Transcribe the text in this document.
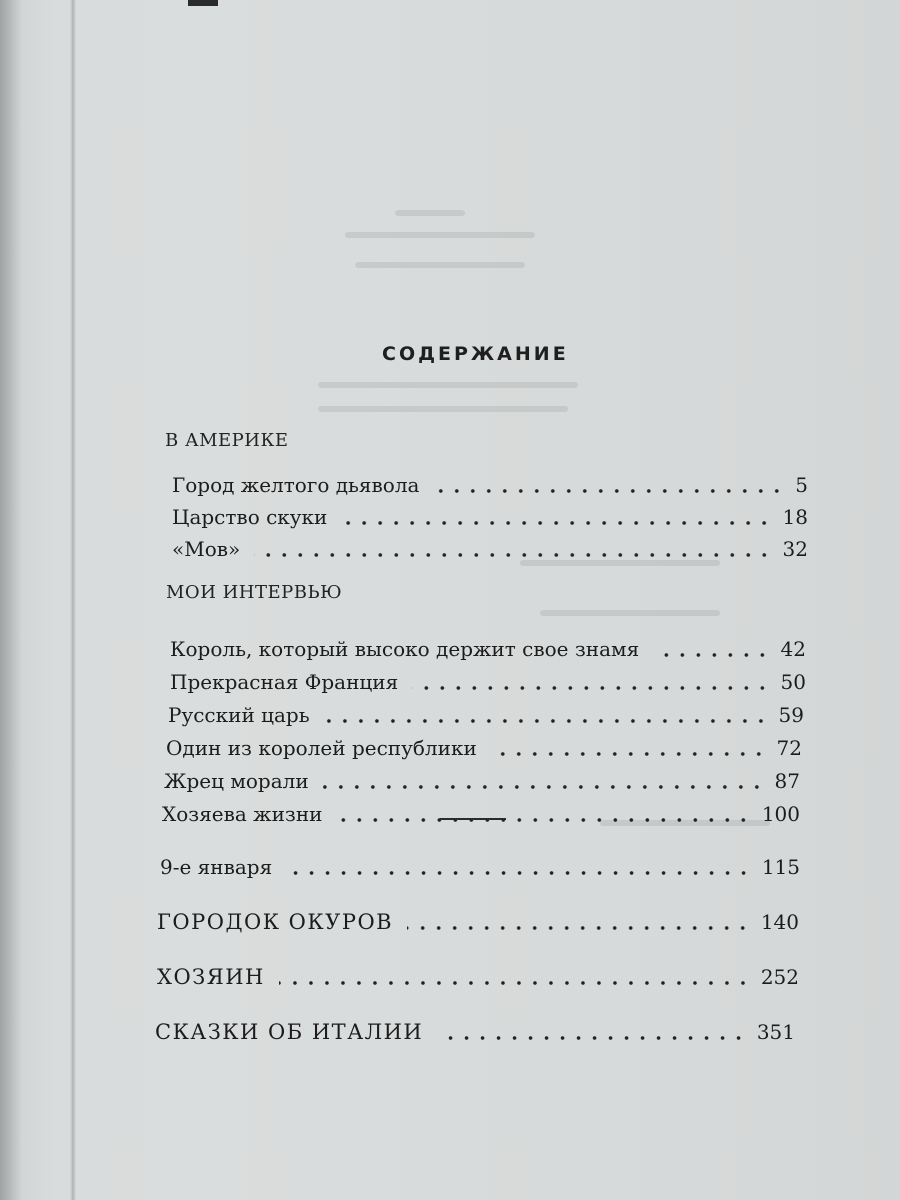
СОДЕРЖАНИЕ
В АМЕРИКЕ
Город желтого дьявола	5
Царство скуки	18
«Мов»	32
МОИ ИНТЕРВЬЮ
Король, который высоко держит свое знамя	42
Прекрасная Франция	50
Русский царь	59
Один из королей республики	72
Жрец морали	87
Хозяева жизни	100
9-е января	115
ГОРОДОК ОКУРОВ	140
ХОЗЯИН	252
СКАЗКИ ОБ ИТАЛИИ	351
